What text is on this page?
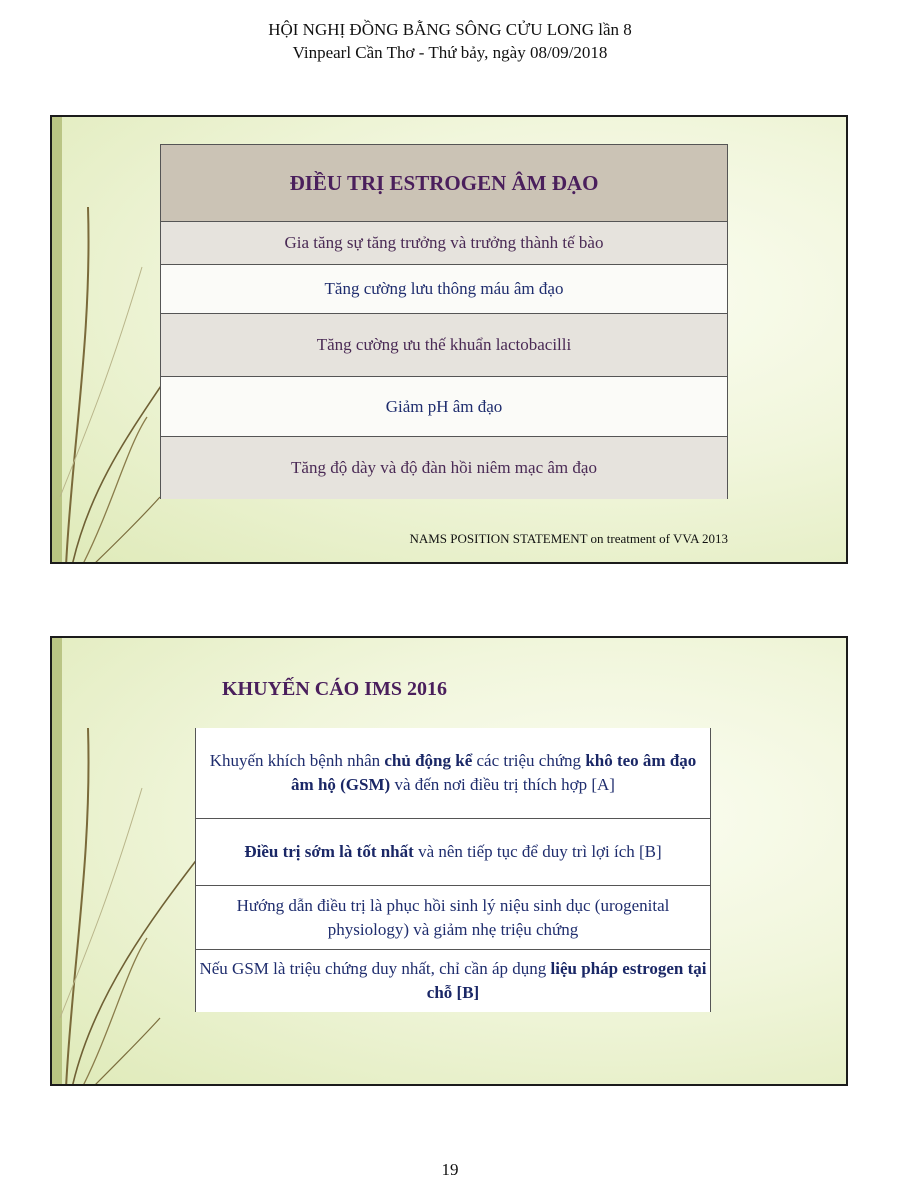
HỘI NGHỊ ĐỒNG BẰNG SÔNG CỬU LONG lần 8
Vinpearl Cần Thơ - Thứ bảy, ngày 08/09/2018
ĐIỀU TRỊ ESTROGEN ÂM ĐẠO
Gia tăng sự tăng trưởng và trưởng thành tế bào
Tăng cường lưu thông máu âm đạo
Tăng cường ưu thế khuẩn lactobacilli
Giảm pH âm đạo
Tăng độ dày và độ đàn hồi niêm mạc âm đạo
NAMS POSITION STATEMENT on treatment of VVA 2013
KHUYẾN CÁO IMS 2016
Khuyến khích bệnh nhân chủ động kể các triệu chứng khô teo âm đạo âm hộ (GSM) và đến nơi điều trị thích hợp [A]
Điều trị sớm là tốt nhất và nên tiếp tục để duy trì lợi ích [B]
Hướng dẫn điều trị là phục hồi sinh lý niệu sinh dục (urogenital physiology) và giảm nhẹ triệu chứng
Nếu GSM là triệu chứng duy nhất, chỉ cần áp dụng liệu pháp estrogen tại chỗ [B]
19
